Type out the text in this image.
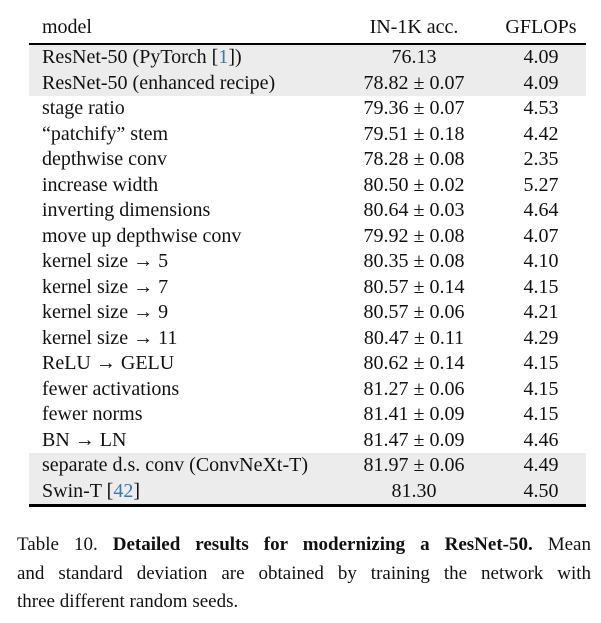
model	IN-1K acc.	GFLOPs
ResNet-50 (PyTorch [1])	76.13	4.09
ResNet-50 (enhanced recipe)	78.82 ± 0.07	4.09
stage ratio	79.36 ± 0.07	4.53
“patchify” stem	79.51 ± 0.18	4.42
depthwise conv	78.28 ± 0.08	2.35
increase width	80.50 ± 0.02	5.27
inverting dimensions	80.64 ± 0.03	4.64
move up depthwise conv	79.92 ± 0.08	4.07
kernel size → 5	80.35 ± 0.08	4.10
kernel size → 7	80.57 ± 0.14	4.15
kernel size → 9	80.57 ± 0.06	4.21
kernel size → 11	80.47 ± 0.11	4.29
ReLU → GELU	80.62 ± 0.14	4.15
fewer activations	81.27 ± 0.06	4.15
fewer norms	81.41 ± 0.09	4.15
BN → LN	81.47 ± 0.09	4.46
separate d.s. conv (ConvNeXt-T)	81.97 ± 0.06	4.49
Swin-T [42]	81.30	4.50
Table 10. Detailed results for modernizing a ResNet-50. Mean
and standard deviation are obtained by training the network with
three different random seeds.
